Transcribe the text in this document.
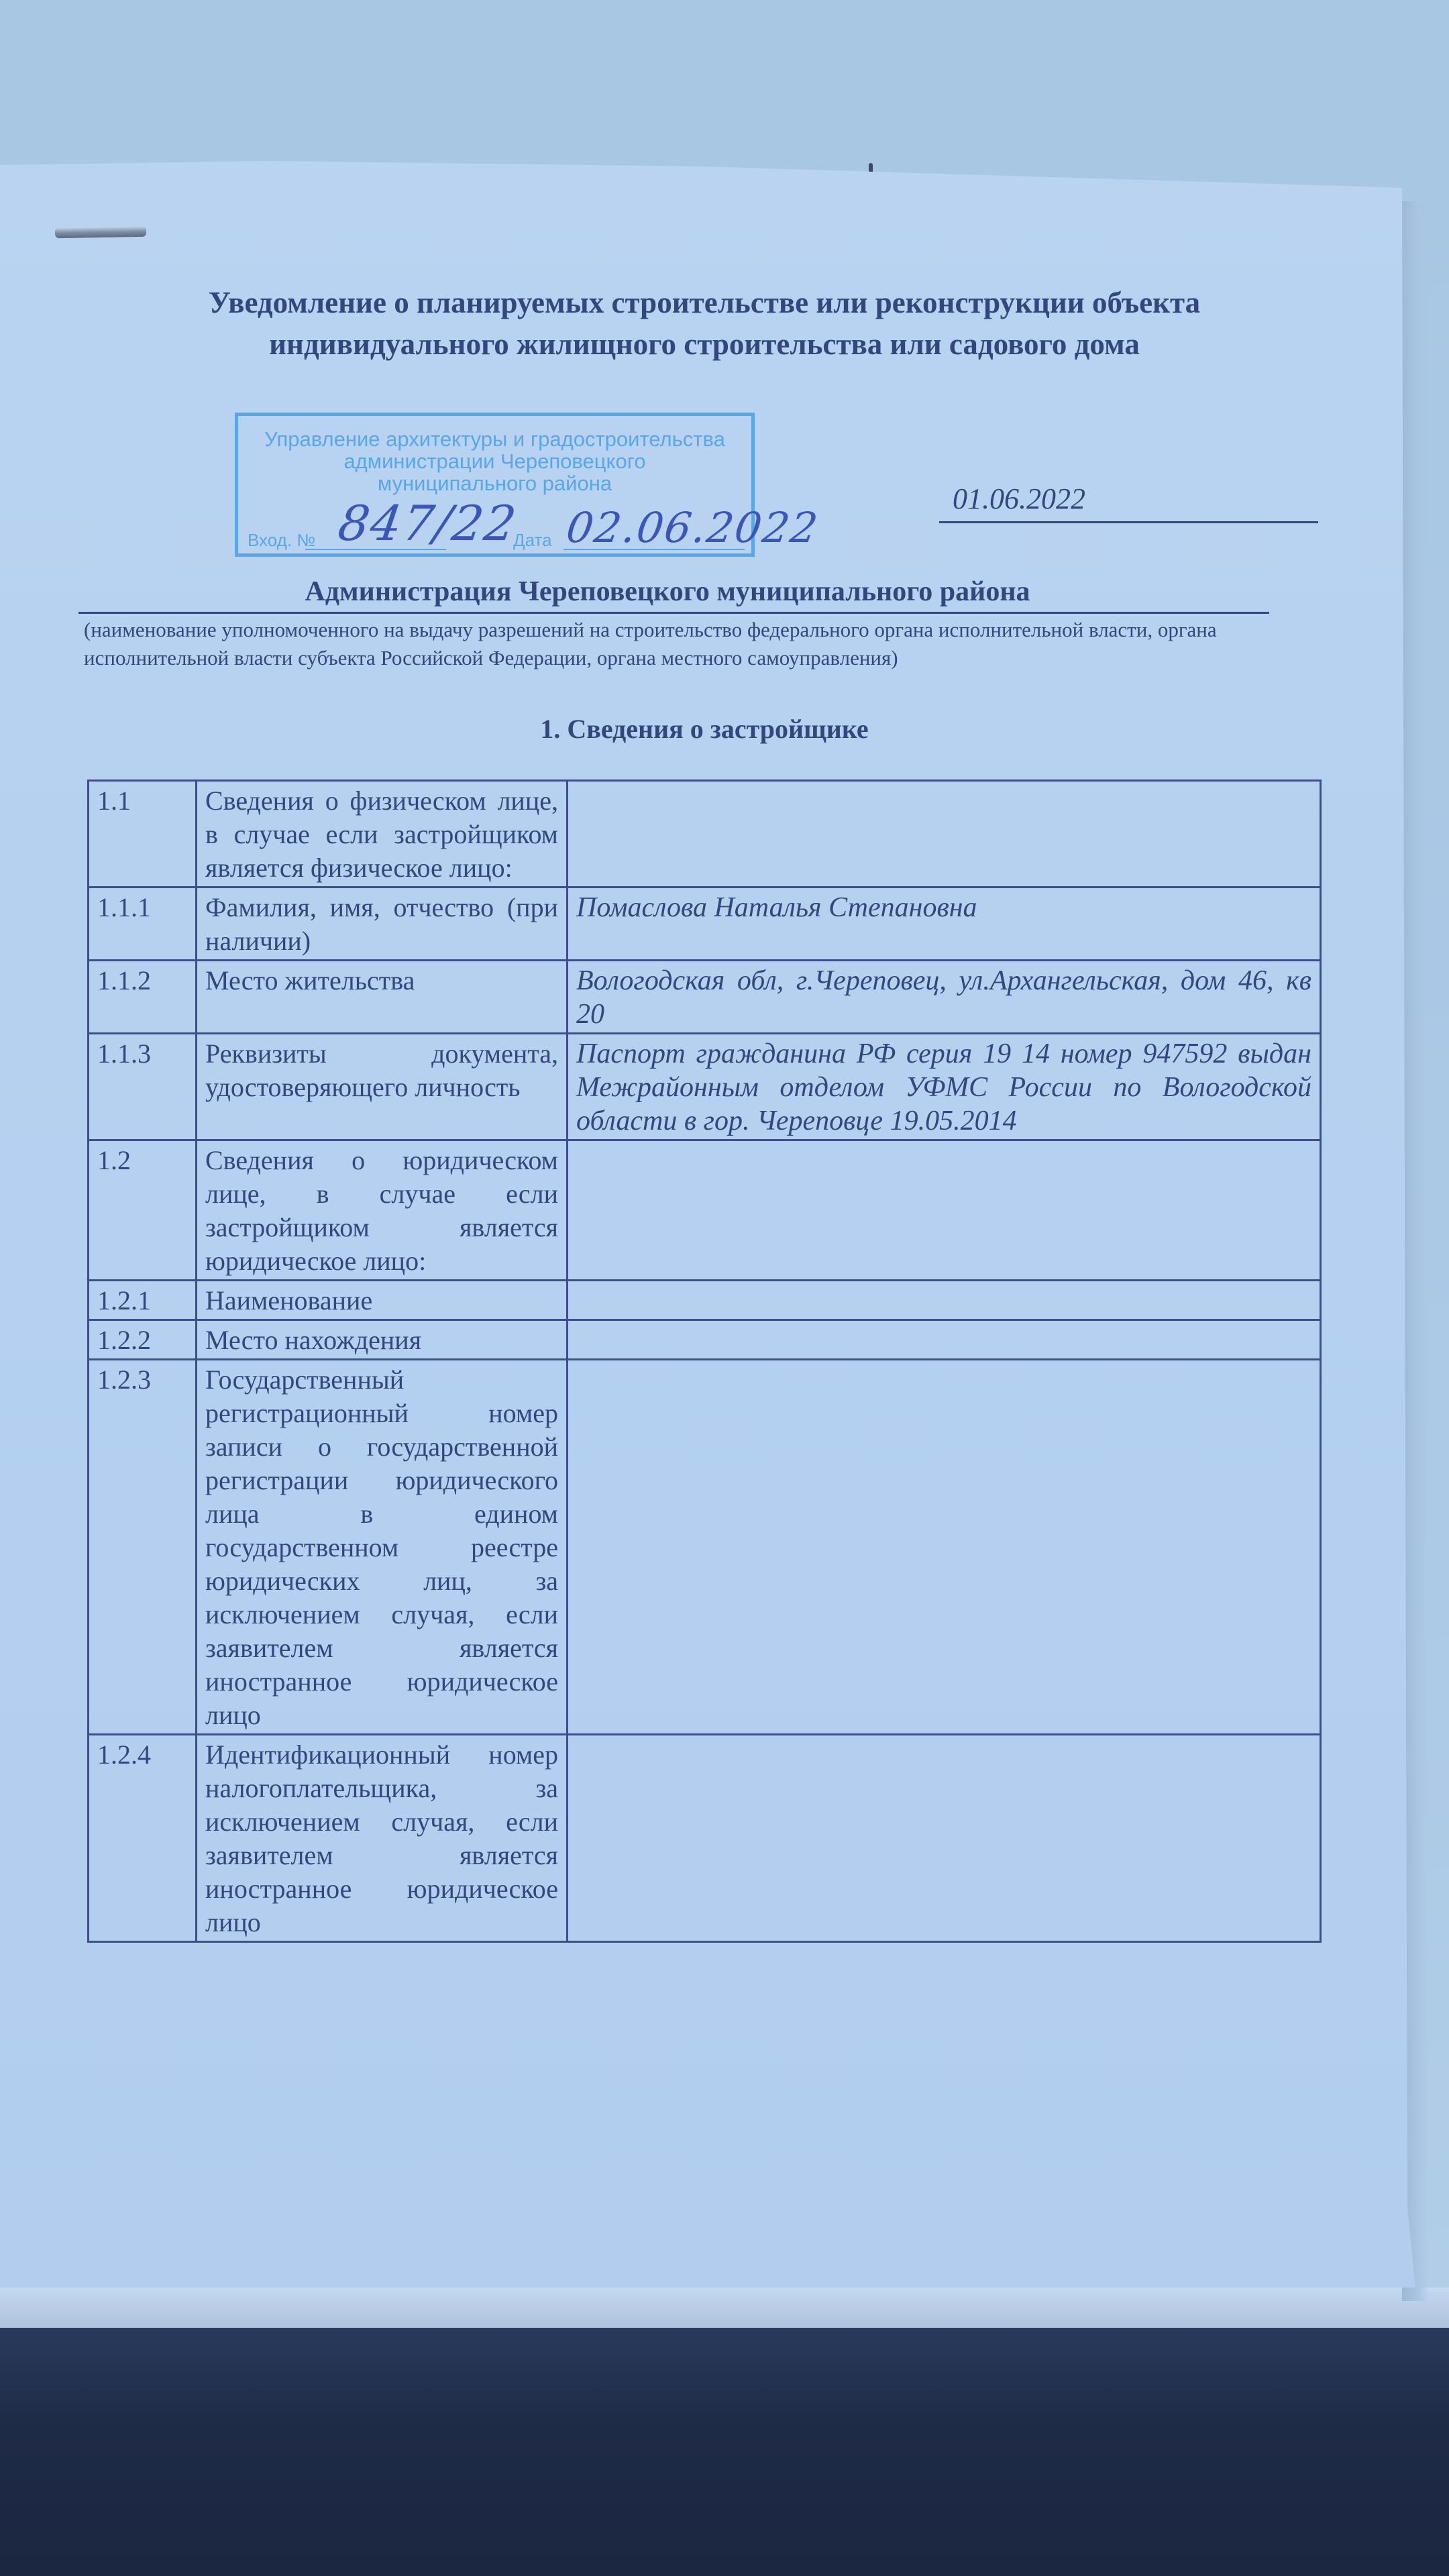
Уведомление о планируемых строительстве или реконструкции объекта
индивидуального жилищного строительства или садового дома
Управление архитектуры и градостроительства
администрации Череповецкого
муниципального района
Вход. № 847/22
Дата 02.06.2022
01.06.2022
Администрация Череповецкого муниципального района
(наименование уполномоченного на выдачу разрешений на строительство федерального органа исполнительной власти, органа исполнительной власти субъекта Российской Федерации, органа местного самоуправления)
1. Сведения о застройщике
1.1	Сведения о физическом лице, в случае если застройщиком является физическое лицо:	
1.1.1	Фамилия, имя, отчество (при наличии)	Помаслова Наталья Степановна
1.1.2	Место жительства	Вологодская обл, г.Череповец, ул.Архангельская, дом 46, кв 20
1.1.3	Реквизиты документа, удостоверяющего личность	Паспорт гражданина РФ серия 19 14 номер 947592 выдан Межрайонным отделом УФМС России по Вологодской области в гор. Череповце 19.05.2014
1.2	Сведения о юридическом лице, в случае если застройщиком является юридическое лицо:	
1.2.1	Наименование	
1.2.2	Место нахождения	
1.2.3	Государственный регистрационный номер записи о государственной регистрации юридического лица в едином государственном реестре юридических лиц, за исключением случая, если заявителем является иностранное юридическое лицо	
1.2.4	Идентификационный номер налогоплательщика, за исключением случая, если заявителем является иностранное юридическое лицо	
